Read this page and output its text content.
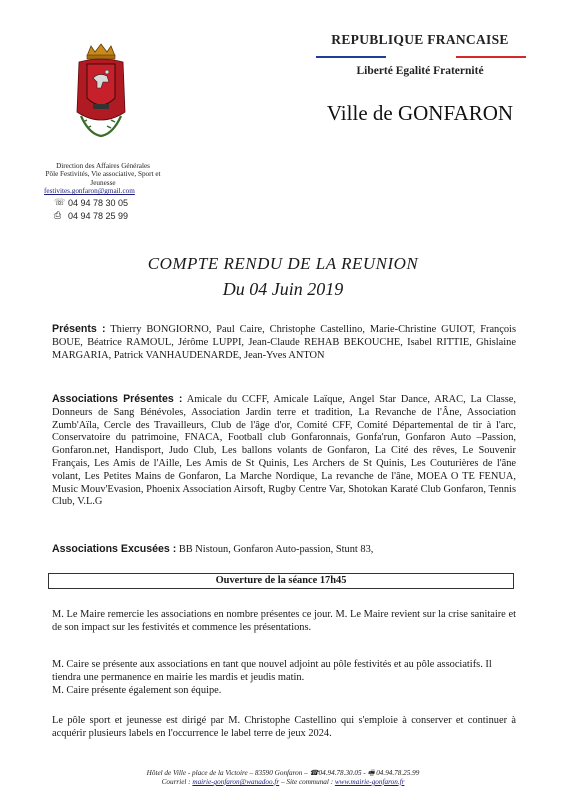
REPUBLIQUE FRANCAISE
Liberté Egalité Fraternité
Ville de GONFARON
Direction des Affaires Générales
Pôle Festivités, Vie associative, Sport et
Jeunesse
festivites.gonfaron@gmail.com
☏ 04 94 78 30 05
⎙ 04 94 78 25 99
COMPTE RENDU DE LA REUNION
Du 04 Juin 2019
Présents : Thierry BONGIORNO, Paul Caire, Christophe Castellino, Marie-Christine GUIOT, François BOUE, Béatrice RAMOUL, Jérôme LUPPI, Jean-Claude REHAB BEKOUCHE, Isabel RITTIE, Ghislaine MARGARIA, Patrick VANHAUDENARDE, Jean-Yves ANTON
Associations Présentes : Amicale du CCFF, Amicale Laïque, Angel Star Dance, ARAC, La Classe, Donneurs de Sang Bénévoles, Association Jardin terre et tradition, La Revanche de l'Âne, Association Zumb'Aïla, Cercle des Travailleurs, Club de l'âge d'or, Comité CFF, Comité Départemental de tir à l'arc, Conservatoire du patrimoine, FNACA, Football club Gonfaronnais, Gonfa'run, Gonfaron Auto –Passion, Gonfaron.net, Handisport, Judo Club, Les ballons volants de Gonfaron, La Cité des rêves, Le Souvenir Français, Les Amis de l'Aille, Les Amis de St Quinis, Les Archers de St Quinis, Les Couturières de l'âne volant, Les Petites Mains de Gonfaron, La Marche Nordique, La revanche de l'âne, MOEA O TE FENUA, Music Mouv'Evasion, Phoenix Association Airsoft, Rugby Centre Var, Shotokan Karaté Club Gonfaron, Tennis Club, V.L.G
Associations Excusées : BB Nistoun, Gonfaron Auto-passion, Stunt 83,
Ouverture de la séance 17h45
M. Le Maire remercie les associations en nombre présentes ce jour. M. Le Maire revient sur la crise sanitaire et de son impact sur les festivités et commence les présentations.
M. Caire se présente aux associations en tant que nouvel adjoint au pôle festivités et au pôle associatifs. Il tiendra une permanence en mairie les mardis et jeudis matin.
M. Caire présente également son équipe.
Le pôle sport et jeunesse est dirigé par M. Christophe Castellino qui s'emploie à conserver et continuer à acquérir plusieurs labels en l'occurrence le label terre de jeux 2024.
Hôtel de Ville - place de la Victoire – 83590 Gonfaron – ☎04.94.78.30.05 - 🖷 04.94.78.25.99
Courriel : mairie-gonfaron@wanadoo.fr – Site communal : www.mairie-gonfaron.fr
